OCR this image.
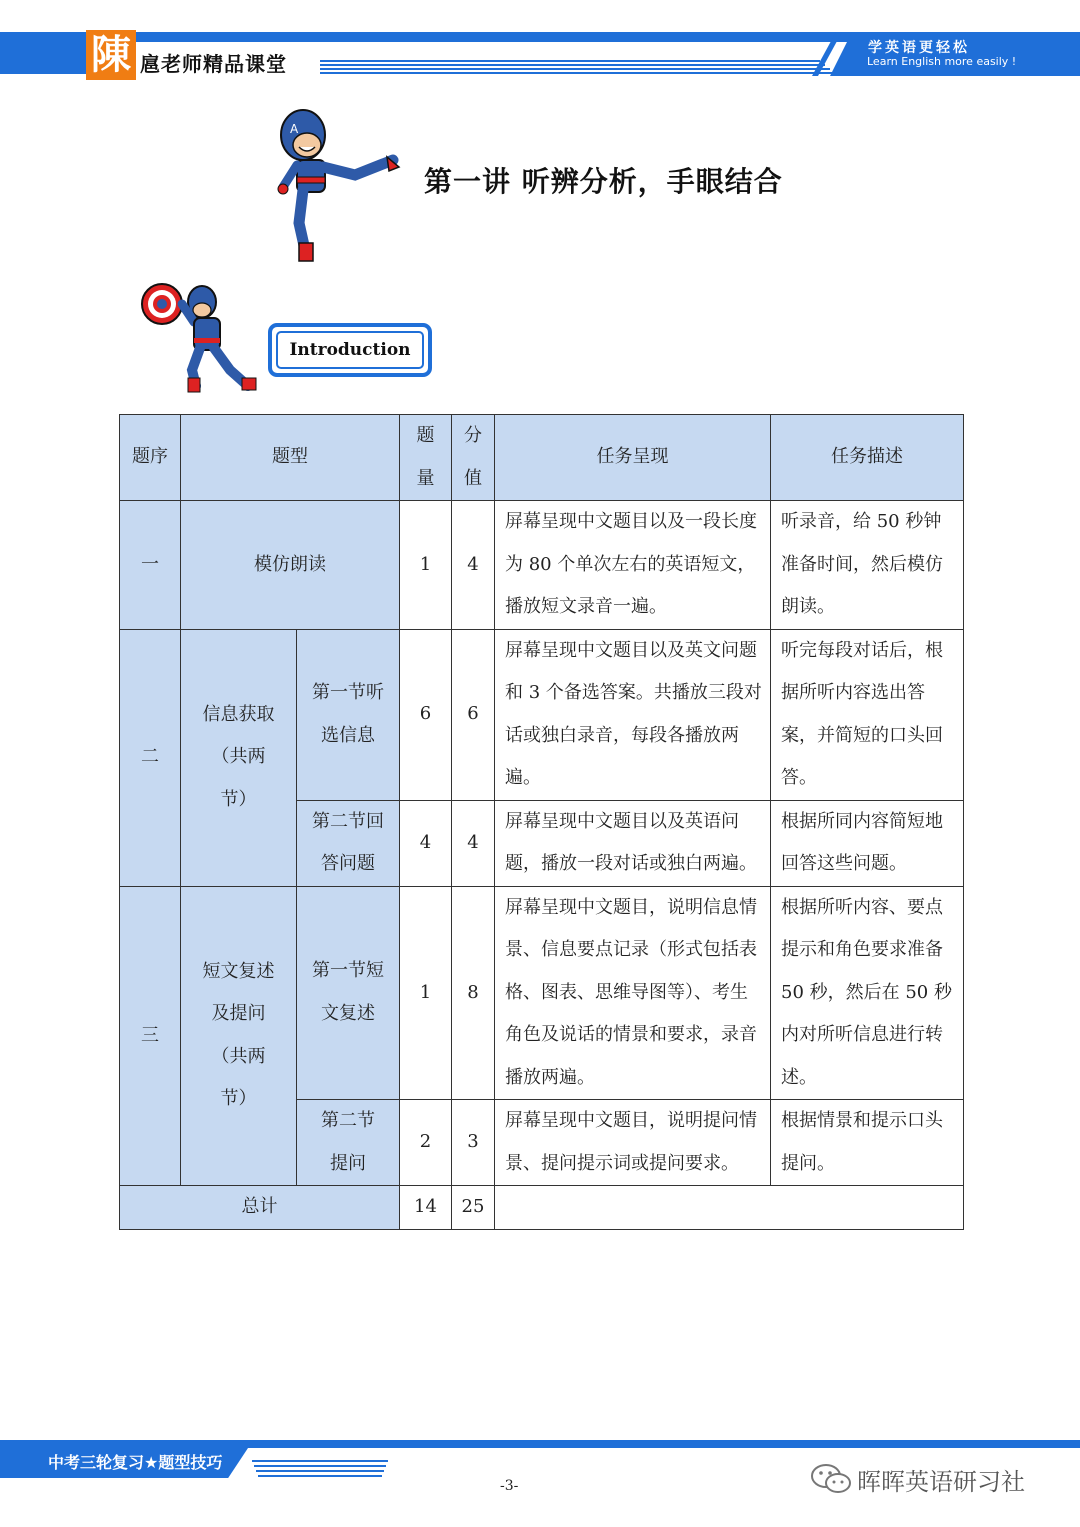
陳 扈老师精品课堂
学英语更轻松
Learn English more easily !
A
第一讲 听辨分析，手眼结合
Introduction
题序	题型		题量	分值	任务呈现	任务描述
一	模仿朗读		1	4	屏幕呈现中文题目以及一段长度为 80 个单次左右的英语短文，播放短文录音一遍。	听录音，给 50 秒钟准备时间，然后模仿朗读。
二	信息获取（共两节）	第一节听选信息	6	6	屏幕呈现中文题目以及英文问题和 3 个备选答案。共播放三段对话或独白录音，每段各播放两遍。	听完每段对话后，根据所听内容选出答案，并简短的口头回答。
		第二节回答问题	4	4	屏幕呈现中文题目以及英语问题，播放一段对话或独白两遍。	根据所同内容简短地回答这些问题。
三	短文复述及提问（共两节）	第一节短文复述	1	8	屏幕呈现中文题目，说明信息情景、信息要点记录（形式包括表格、图表、思维导图等）、考生角色及说话的情景和要求，录音播放两遍。	根据所听内容、要点提示和角色要求准备 50 秒，然后在 50 秒内对所听信息进行转述。
		第二节提问	2	3	屏幕呈现中文题目，说明提问情景、提问提示词或提问要求。	根据情景和提示口头提问。
总计			14	25		
中考三轮复习★题型技巧
-3-	晖晖英语研习社
